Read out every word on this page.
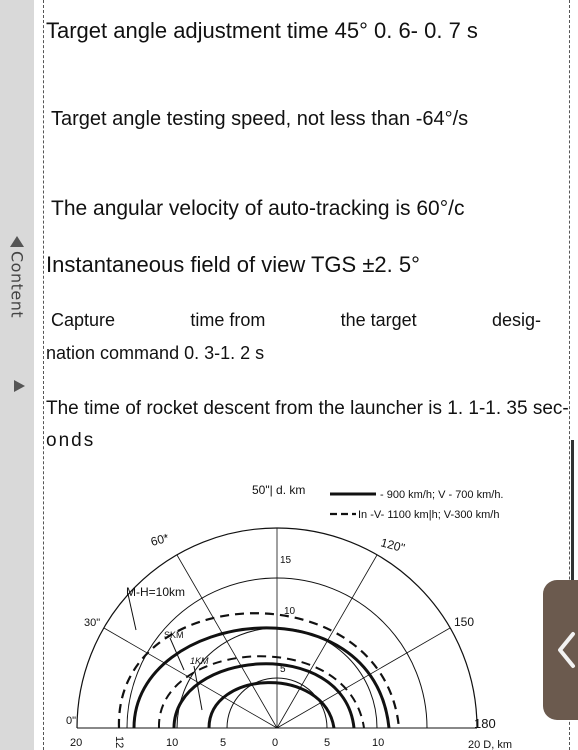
Content
Target angle adjustment time 45° 0. 6- 0. 7 s
Target angle testing speed, not less than -64°/s
The angular velocity of auto-tracking is 60°/c
Instantaneous field of view TGS ±2. 5°
Capture	time from	the target	desig-
nation command 0. 3-1. 2 s
The time of rocket descent from the launcher is 1. 1-1. 35 sec-
onds
50"| d. km	- 900 km/h; V - 700 km/h.
In -V- 1100 km|h; V-300 km/h
0"
30"
60*	120"
150
180
M-H=10km
SKM
1KM
5
10
15
20	12	10	5	0	5	10	20 D, km
